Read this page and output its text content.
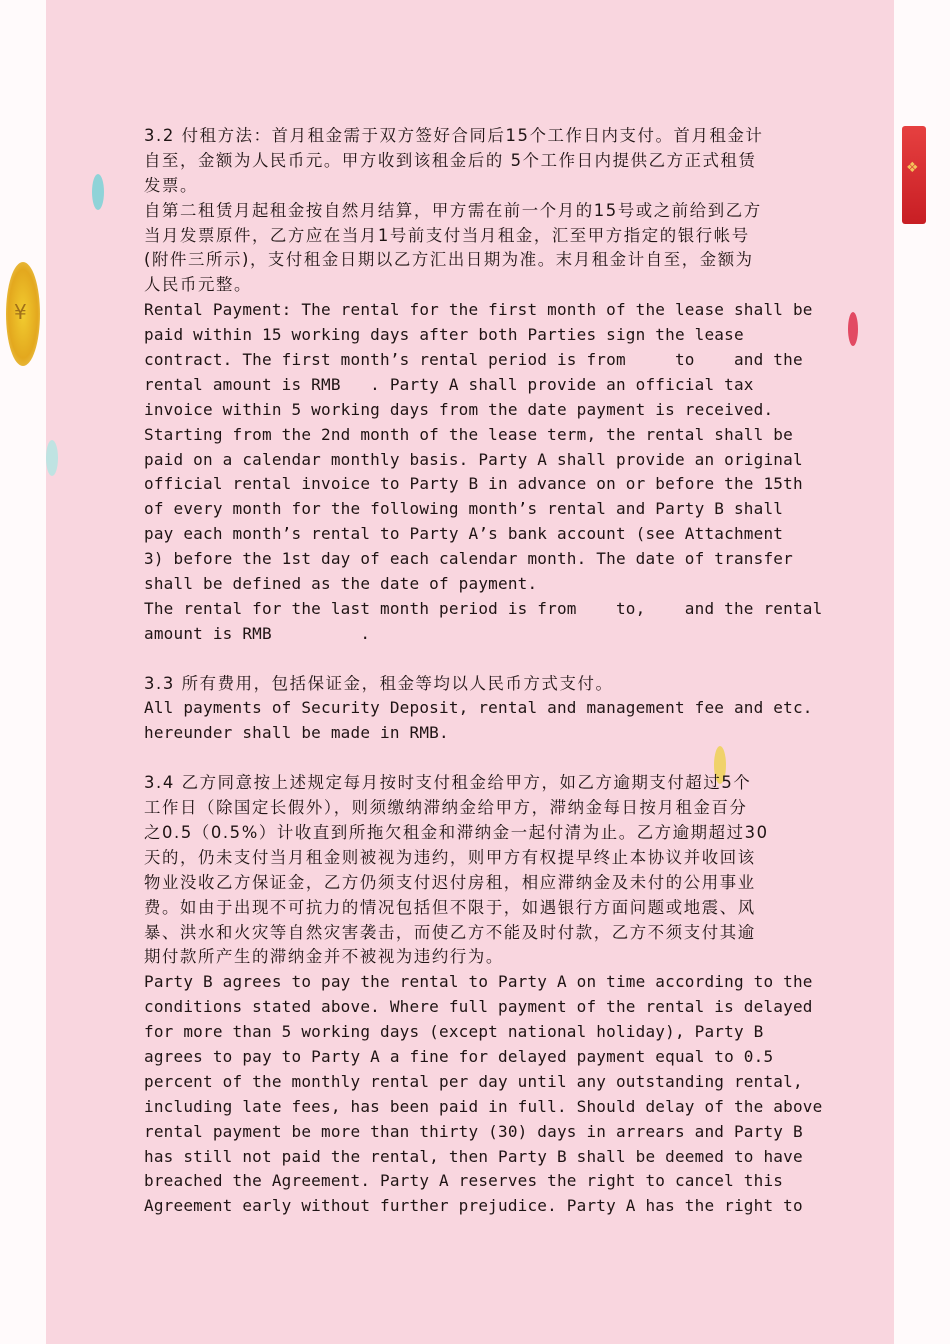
¥
❖
3.2 付租方法：首月租金需于双方签好合同后15个工作日内支付。首月租金计
自至，金额为人民币元。甲方收到该租金后的 5个工作日内提供乙方正式租赁
发票。
自第二租赁月起租金按自然月结算，甲方需在前一个月的15号或之前给到乙方
当月发票原件，乙方应在当月1号前支付当月租金，汇至甲方指定的银行帐号
(附件三所示)，支付租金日期以乙方汇出日期为准。末月租金计自至，金额为
人民币元整。
Rental Payment: The rental for the first month of the lease shall be
paid within 15 working days after both Parties sign the lease
contract. The first month’s rental period is from     to    and the
rental amount is RMB   . Party A shall provide an official tax
invoice within 5 working days from the date payment is received.
Starting from the 2nd month of the lease term, the rental shall be
paid on a calendar monthly basis. Party A shall provide an original
official rental invoice to Party B in advance on or before the 15th
of every month for the following month’s rental and Party B shall
pay each month’s rental to Party A’s bank account (see Attachment
3) before the 1st day of each calendar month. The date of transfer
shall be defined as the date of payment.
The rental for the last month period is from    to,    and the rental
amount is RMB         .
3.3 所有费用，包括保证金，租金等均以人民币方式支付。
All payments of Security Deposit, rental and management fee and etc.
hereunder shall be made in RMB.
3.4 乙方同意按上述规定每月按时支付租金给甲方，如乙方逾期支付超过5个
工作日（除国定长假外），则须缴纳滞纳金给甲方，滞纳金每日按月租金百分
之0.5（0.5%）计收直到所拖欠租金和滞纳金一起付清为止。乙方逾期超过30
天的，仍未支付当月租金则被视为违约，则甲方有权提早终止本协议并收回该
物业没收乙方保证金，乙方仍须支付迟付房租，相应滞纳金及未付的公用事业
费。如由于出现不可抗力的情况包括但不限于，如遇银行方面问题或地震、风
暴、洪水和火灾等自然灾害袭击，而使乙方不能及时付款，乙方不须支付其逾
期付款所产生的滞纳金并不被视为违约行为。
Party B agrees to pay the rental to Party A on time according to the
conditions stated above. Where full payment of the rental is delayed
for more than 5 working days (except national holiday), Party B
agrees to pay to Party A a fine for delayed payment equal to 0.5
percent of the monthly rental per day until any outstanding rental,
including late fees, has been paid in full. Should delay of the above
rental payment be more than thirty (30) days in arrears and Party B
has still not paid the rental, then Party B shall be deemed to have
breached the Agreement. Party A reserves the right to cancel this
Agreement early without further prejudice. Party A has the right to
